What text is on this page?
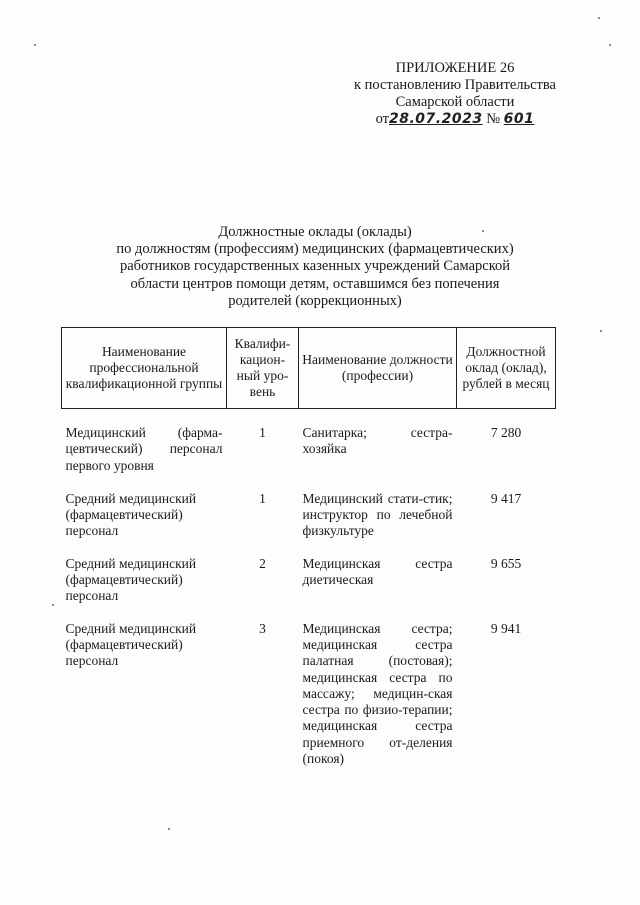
ПРИЛОЖЕНИЕ 26
к постановлению Правительства
Самарской области
от28.07.2023 № 601
Должностные оклады (оклады)
по должностям (профессиям) медицинских (фармацевтических)
работников государственных казенных учреждений Самарской
области центров помощи детям, оставшимся без попечения
родителей (коррекционных)
Наименование профессиональной квалификационной группы	Квалифи-кацион-ный уро-вень	Наименование должности (профессии)	Должностной оклад (оклад), рублей в месяц
Медицинский (фарма-цевтический) персонал первого уровня	1	Санитарка; сестра-хозяйка	7 280
Средний медицинский (фармацевтический) персонал	1	Медицинский стати-стик; инструктор по лечебной физкультуре	9 417
Средний медицинский (фармацевтический) персонал	2	Медицинская сестра диетическая	9 655
Средний медицинский (фармацевтический) персонал	3	Медицинская сестра; медицинская сестра палатная (постовая); медицинская сестра по массажу; медицин-ская сестра по физио-терапии; медицинская сестра приемного от-деления (покоя)	9 941
